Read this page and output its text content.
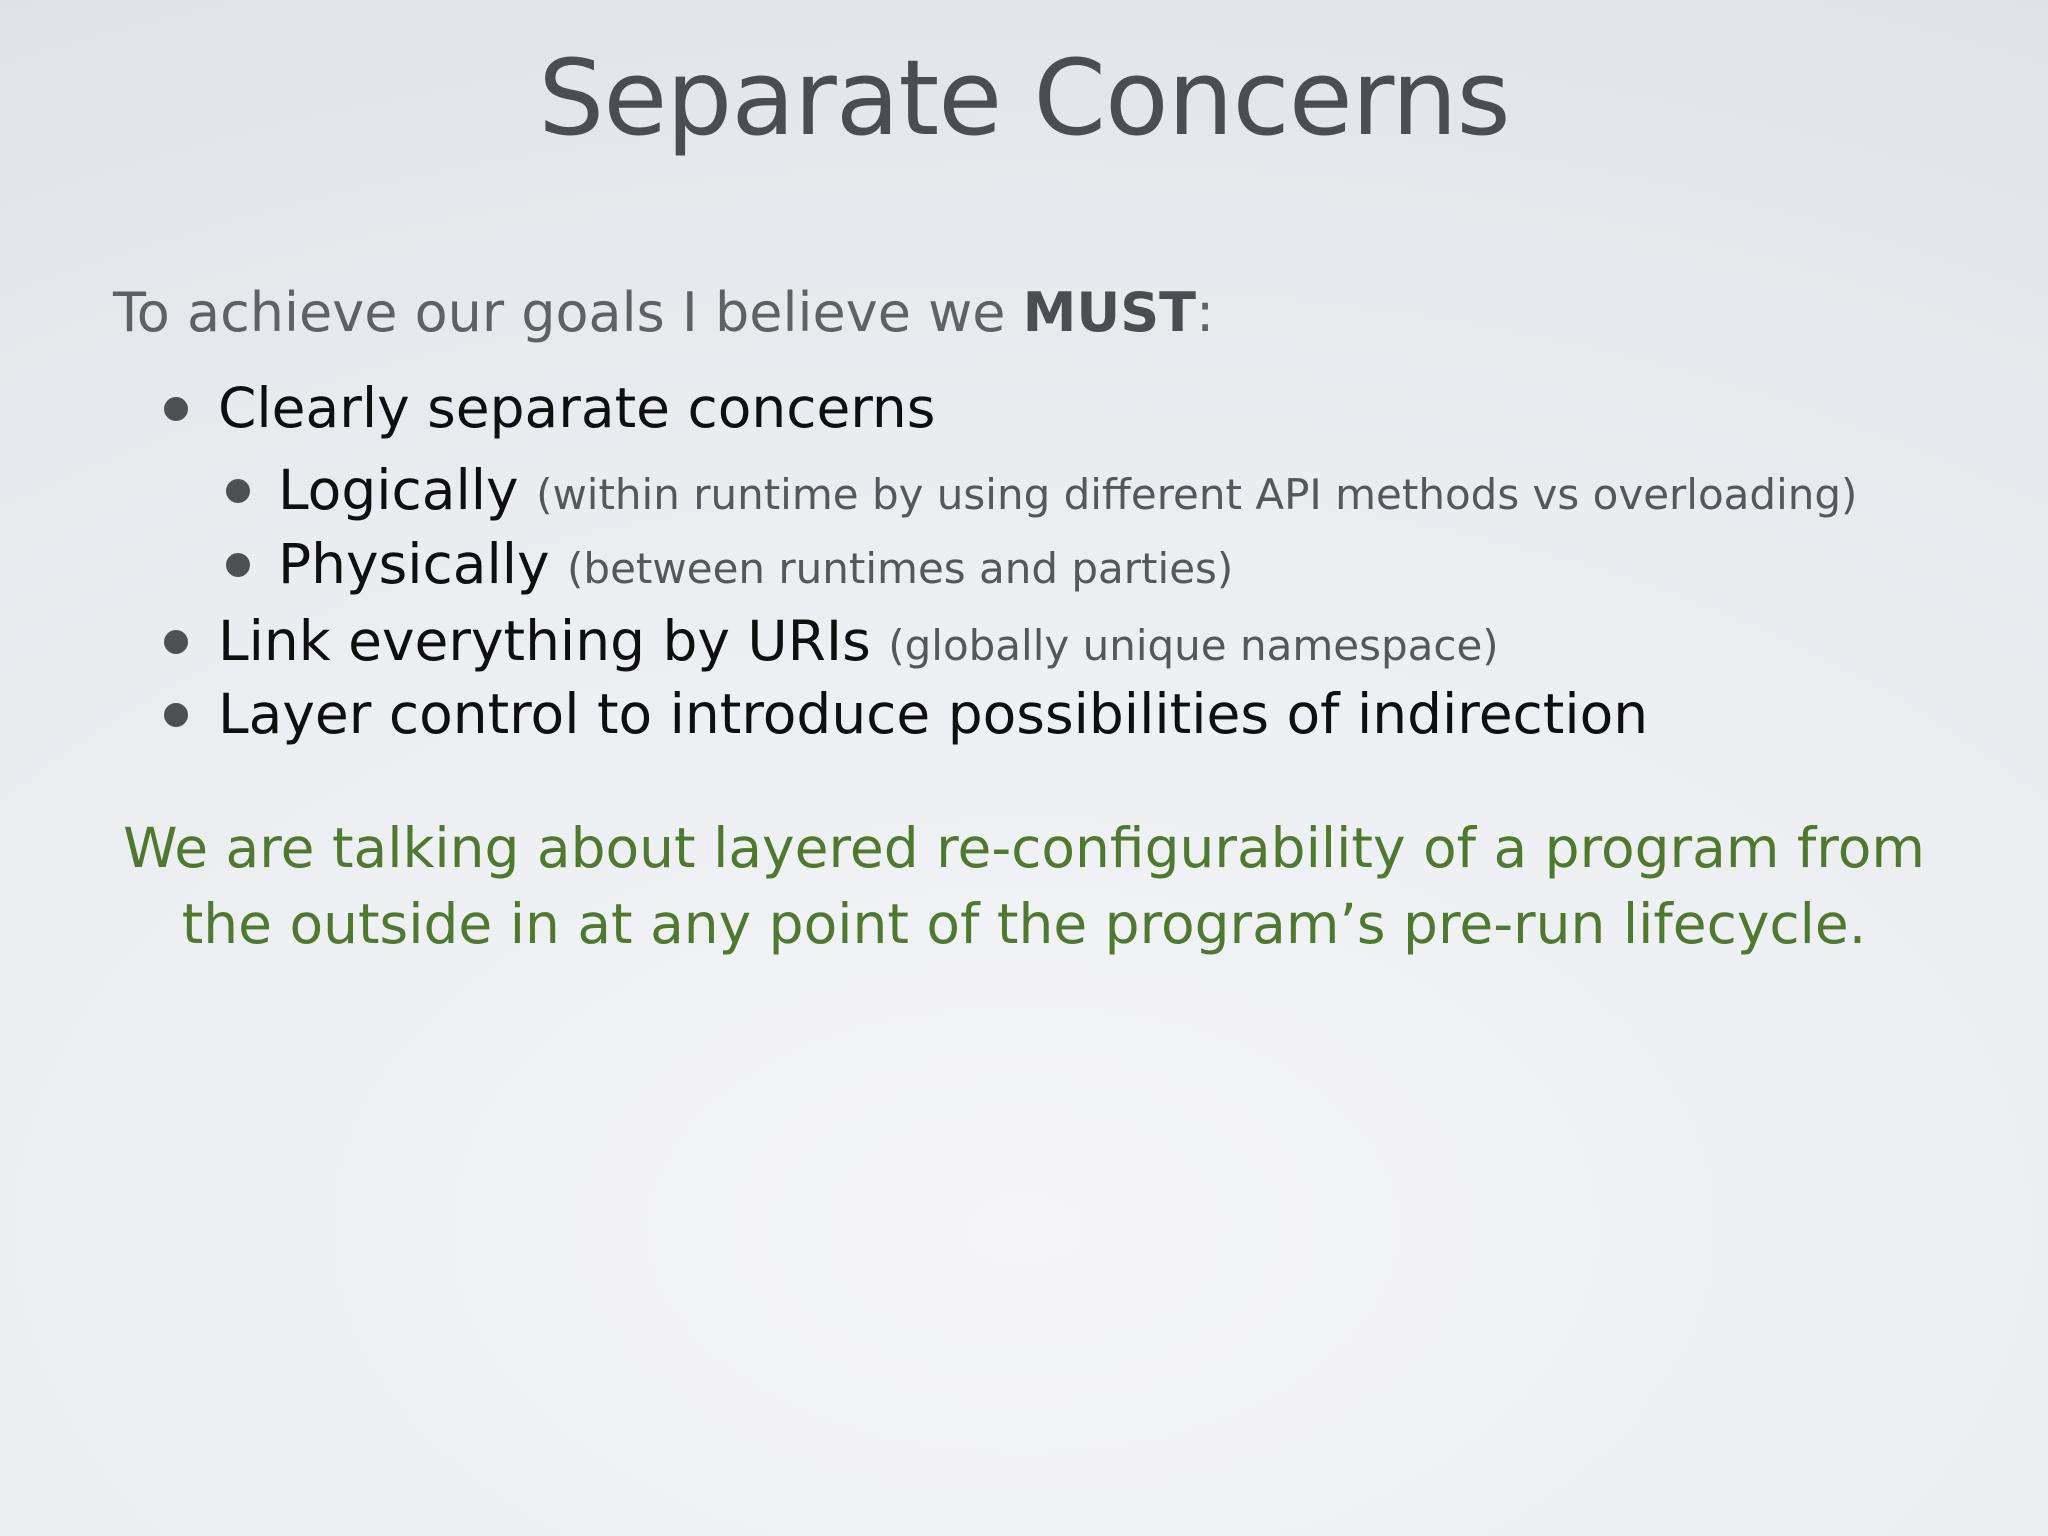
Separate Concerns
To achieve our goals I believe we MUST:
Clearly separate concerns
Logically (within runtime by using different API methods vs overloading)
Physically (between runtimes and parties)
Link everything by URIs (globally unique namespace)
Layer control to introduce possibilities of indirection
We are talking about layered re-configurability of a program from
the outside in at any point of the program’s pre-run lifecycle.
